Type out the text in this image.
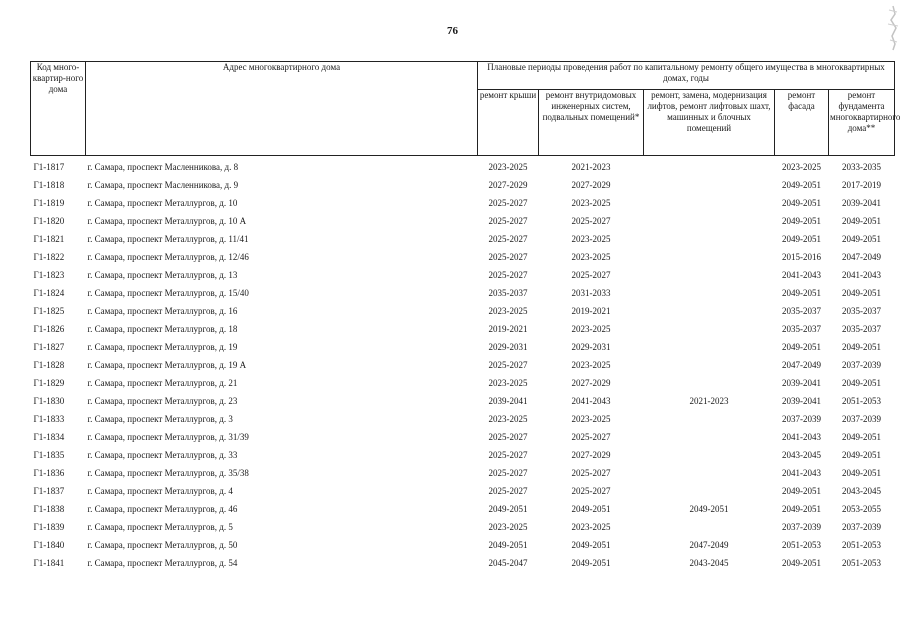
76
Код много-квартир-ного дома	Адрес многоквартирного дома	Плановые периоды проведения работ по капитальному ремонту общего имущества в многоквартирных домах, годы				
		ремонт крыши	ремонт внутридомовых инженерных систем, подвальных помещений*	ремонт, замена, модернизация лифтов, ремонт лифтовых шахт, машинных и блочных помещений	ремонт фасада	ремонт фундамента многоквартирного дома**
Г1-1817	г. Самара, проспект Масленникова, д. 8	2023-2025	2021-2023		2023-2025	2033-2035
Г1-1818	г. Самара, проспект Масленникова, д. 9	2027-2029	2027-2029		2049-2051	2017-2019
Г1-1819	г. Самара, проспект Металлургов, д. 10	2025-2027	2023-2025		2049-2051	2039-2041
Г1-1820	г. Самара, проспект Металлургов, д. 10 А	2025-2027	2025-2027		2049-2051	2049-2051
Г1-1821	г. Самара, проспект Металлургов, д. 11/41	2025-2027	2023-2025		2049-2051	2049-2051
Г1-1822	г. Самара, проспект Металлургов, д. 12/46	2025-2027	2023-2025		2015-2016	2047-2049
Г1-1823	г. Самара, проспект Металлургов, д. 13	2025-2027	2025-2027		2041-2043	2041-2043
Г1-1824	г. Самара, проспект Металлургов, д. 15/40	2035-2037	2031-2033		2049-2051	2049-2051
Г1-1825	г. Самара, проспект Металлургов, д. 16	2023-2025	2019-2021		2035-2037	2035-2037
Г1-1826	г. Самара, проспект Металлургов, д. 18	2019-2021	2023-2025		2035-2037	2035-2037
Г1-1827	г. Самара, проспект Металлургов, д. 19	2029-2031	2029-2031		2049-2051	2049-2051
Г1-1828	г. Самара, проспект Металлургов, д. 19 А	2025-2027	2023-2025		2047-2049	2037-2039
Г1-1829	г. Самара, проспект Металлургов, д. 21	2023-2025	2027-2029		2039-2041	2049-2051
Г1-1830	г. Самара, проспект Металлургов, д. 23	2039-2041	2041-2043	2021-2023	2039-2041	2051-2053
Г1-1833	г. Самара, проспект Металлургов, д. 3	2023-2025	2023-2025		2037-2039	2037-2039
Г1-1834	г. Самара, проспект Металлургов, д. 31/39	2025-2027	2025-2027		2041-2043	2049-2051
Г1-1835	г. Самара, проспект Металлургов, д. 33	2025-2027	2027-2029		2043-2045	2049-2051
Г1-1836	г. Самара, проспект Металлургов, д. 35/38	2025-2027	2025-2027		2041-2043	2049-2051
Г1-1837	г. Самара, проспект Металлургов, д. 4	2025-2027	2025-2027		2049-2051	2043-2045
Г1-1838	г. Самара, проспект Металлургов, д. 46	2049-2051	2049-2051	2049-2051	2049-2051	2053-2055
Г1-1839	г. Самара, проспект Металлургов, д. 5	2023-2025	2023-2025		2037-2039	2037-2039
Г1-1840	г. Самара, проспект Металлургов, д. 50	2049-2051	2049-2051	2047-2049	2051-2053	2051-2053
Г1-1841	г. Самара, проспект Металлургов, д. 54	2045-2047	2049-2051	2043-2045	2049-2051	2051-2053
